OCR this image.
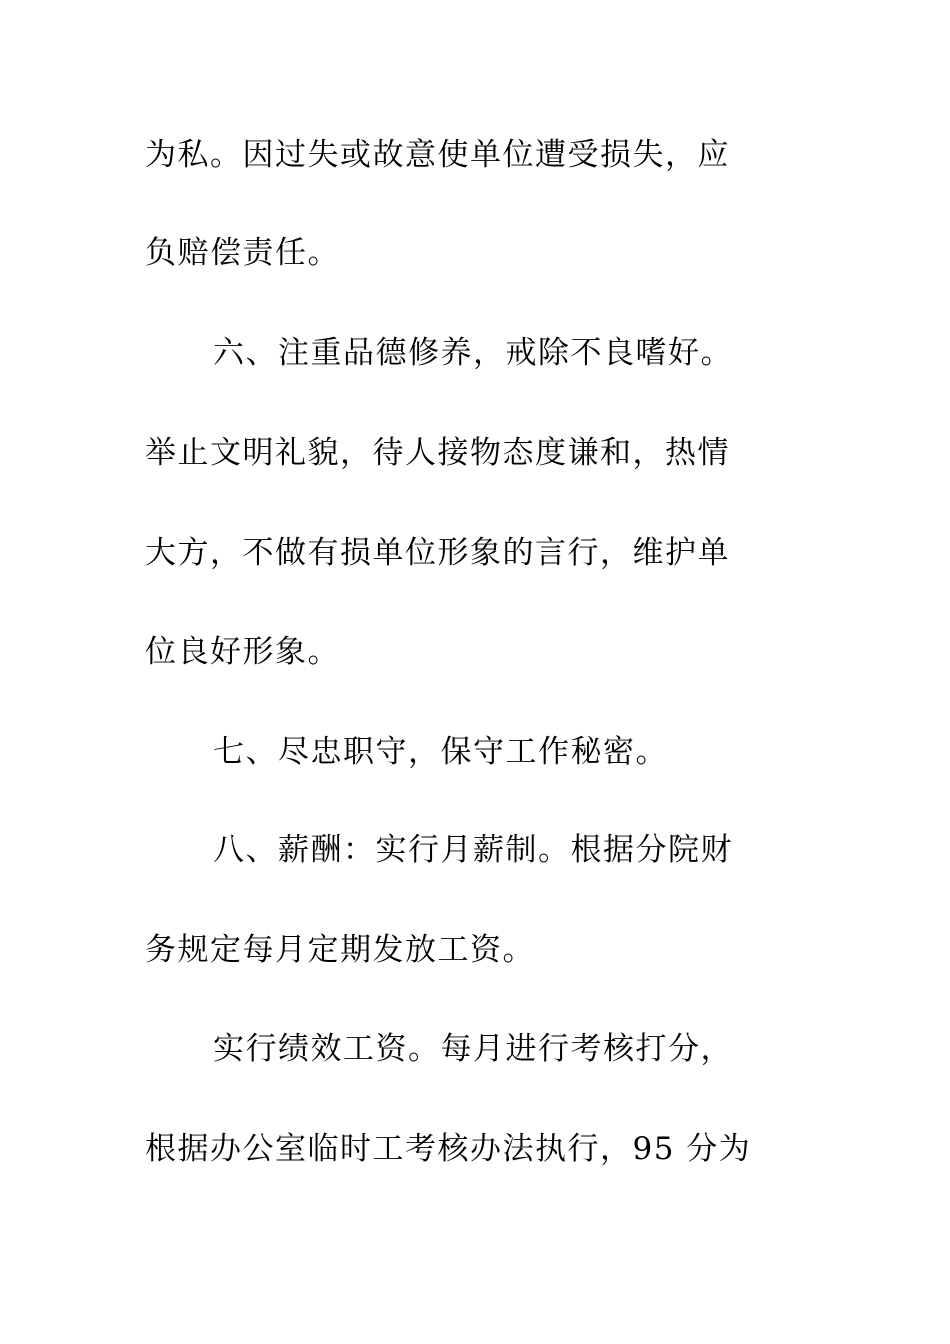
为私。因过失或故意使单位遭受损失，应
负赔偿责任。
六、注重品德修养，戒除不良嗜好。
举止文明礼貌，待人接物态度谦和，热情
大方，不做有损单位形象的言行，维护单
位良好形象。
七、尽忠职守，保守工作秘密。
八、薪酬：实行月薪制。根据分院财
务规定每月定期发放工资。
实行绩效工资。每月进行考核打分，
根据办公室临时工考核办法执行，95 分为
